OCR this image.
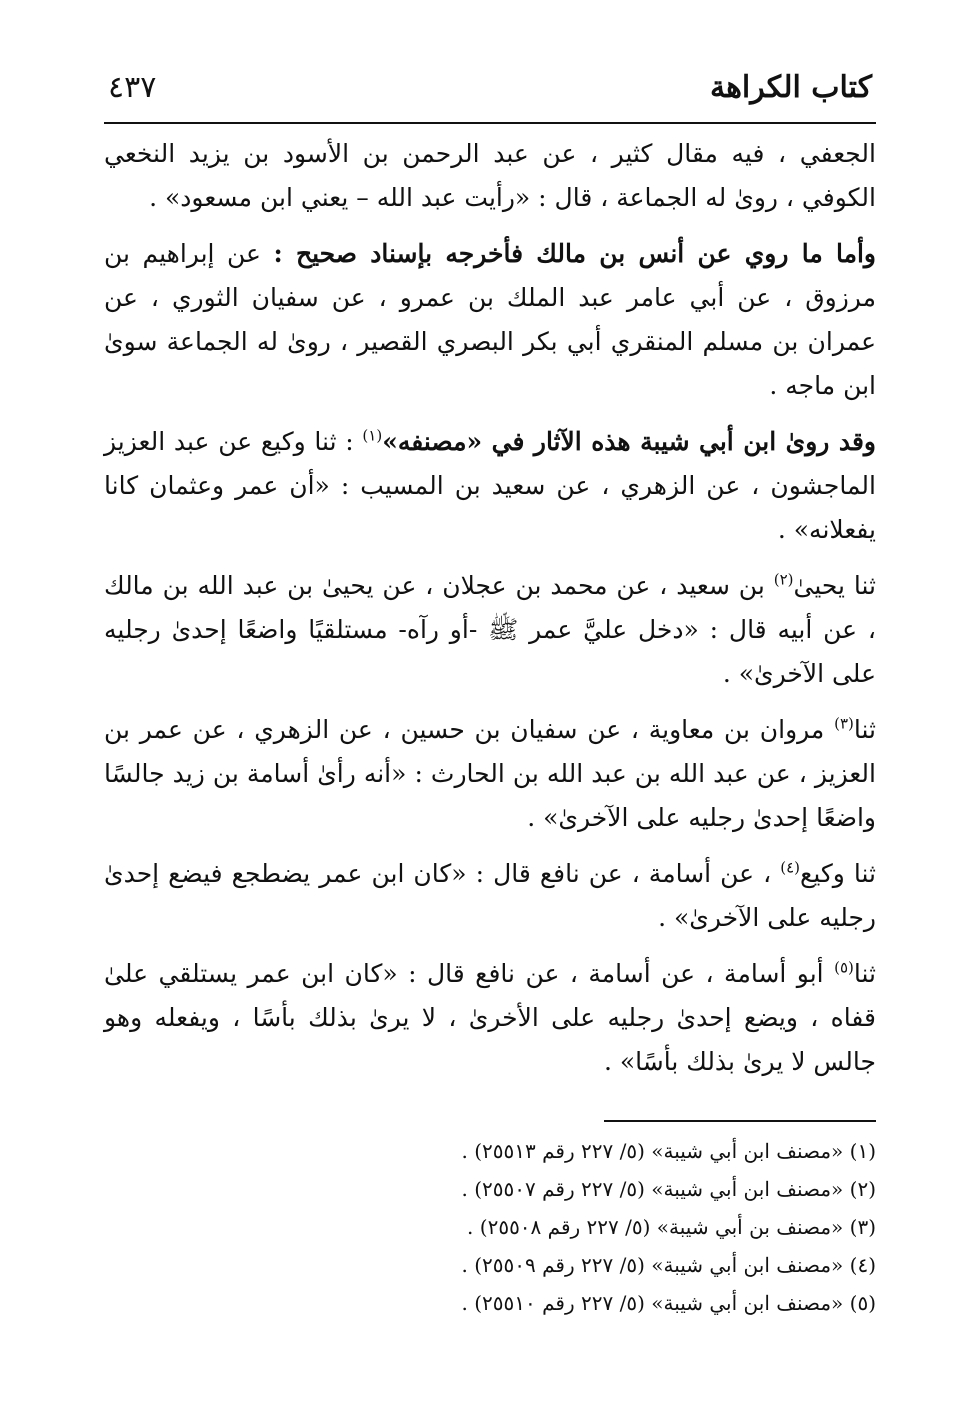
كتاب الكراهة
٤٣٧

الجعفي ، فيه مقال كثير ، عن عبد الرحمن بن الأسود بن يزيد النخعي الكوفي ، روىٰ له الجماعة ، قال : «رأيت عبد الله – يعني ابن مسعود» .

وأما ما روي عن أنس بن مالك فأخرجه بإسناد صحيح : عن إبراهيم بن مرزوق ، عن أبي عامر عبد الملك بن عمرو ، عن سفيان الثوري ، عن عمران بن مسلم المنقري أبي بكر البصري القصير ، روىٰ له الجماعة سوىٰ ابن ماجه .

وقد روىٰ ابن أبي شيبة هذه الآثار في «مصنفه»$^{(١)}$ : ثنا وكيع عن عبد العزيز الماجشون ، عن الزهري ، عن سعيد بن المسيب : «أن عمر وعثمان كانا يفعلانه» .

ثنا يحيىٰ$^{(٢)}$ بن سعيد ، عن محمد بن عجلان ، عن يحيىٰ بن عبد الله بن مالك ، عن أبيه قال : «دخل عليَّ عمر ﷺ -أو رآه- مستلقيًا واضعًا إحدىٰ رجليه على الآخرىٰ» .

ثنا$^{(٣)}$ مروان بن معاوية ، عن سفيان بن حسين ، عن الزهري ، عن عمر بن العزيز ، عن عبد الله بن عبد الله بن الحارث : «أنه رأىٰ أسامة بن زيد جالسًا واضعًا إحدىٰ رجليه على الآخرىٰ» .

ثنا وكيع$^{(٤)}$ ، عن أسامة ، عن نافع قال : «كان ابن عمر يضطجع فيضع إحدىٰ رجليه على الآخرىٰ» .

ثنا$^{(٥)}$ أبو أسامة ، عن أسامة ، عن نافع قال : «كان ابن عمر يستلقي علىٰ قفاه ، ويضع إحدىٰ رجليه على الأخرىٰ ، لا يرىٰ بذلك بأسًا ، ويفعله وهو جالس لا يرىٰ بذلك بأسًا» .

(١) «مصنف ابن أبي شيبة» (٥/ ٢٢٧ رقم ٢٥٥١٣) .

(٢) «مصنف ابن أبي شيبة» (٥/ ٢٢٧ رقم ٢٥٥٠٧) .

(٣) «مصنف بن أبي شيبة» (٥/ ٢٢٧ رقم ٢٥٥٠٨) .

(٤) «مصنف ابن أبي شيبة» (٥/ ٢٢٧ رقم ٢٥٥٠٩) .

(٥) «مصنف ابن أبي شيبة» (٥/ ٢٢٧ رقم ٢٥٥١٠) .
